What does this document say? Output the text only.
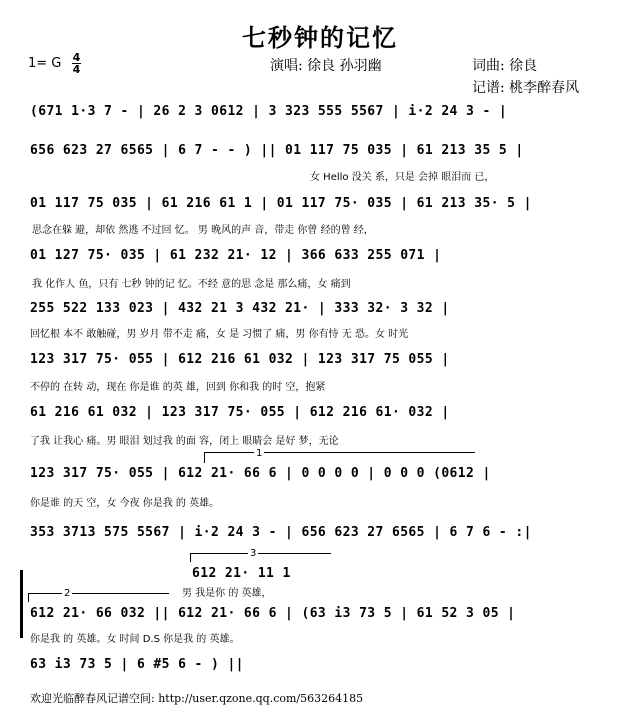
七秒钟的记忆
1= G 4
4	演唱: 徐良 孙羽幽	词曲: 徐良
记谱: 桃李醉春风
(671 1·3 7 - | 26 2 3 0612 | 3 323 555 5567 | i·2 24 3 - |
656 623 27 6565 | 6 7 - - ) || 01 117 75 035 | 61 213 35 5 |
女 Hello 没关 系，只是 会掉 眼泪而 已，
01 117 75 035 | 61 216 61 1 | 01 117 75· 035 | 61 213 35· 5 |
思念在躲 避，却依 然逃 不过回 忆。 男 晚风的声 音，带走 你曾 经的曾 经，
01 127 75· 035 | 61 232 21· 12 | 366 633 255 071 |
我 化作人 鱼，只有 七秒 钟的记 忆。不经 意的思 念是 那么痛，女 痛到
255 522 133 023 | 432 21 3 432 21· | 333 32· 3 32 |
回忆根 本不 敢触碰，男 岁月 带不走 痛，女 是 习惯了 痛，男 你有恃 无 恐。女 时光
123 317 75· 055 | 612 216 61 032 | 123 317 75 055 |
不停的 在转 动，现在 你是谁 的英 雄，回到 你和我 的时 空，抱紧
61 216 61 032 | 123 317 75· 055 | 612 216 61· 032 |
了我 让我心 痛。男 眼泪 划过我 的面 容，闭上 眼睛会 是好 梦，无论
1
123 317 75· 055 | 612 21· 66 6 | 0 0 0 0 | 0 0 0 (0612 |
你是谁 的天 空，女 今夜 你是我 的 英雄。
353 3713 575 5567 | i·2 24 3 - | 656 623 27 6565 | 6 7 6 - :|
3
612 21· 11 1
男 我是你 的 英雄，
2
612 21· 66 032 || 612 21· 66 6 | (63 i3 73 5 | 61 52 3 05 |
你是我 的 英雄。女 时间 D.S 你是我 的 英雄。
63 i3 73 5 | 6 #5 6 - ) ||
欢迎光临醉春风记谱空间: http://user.qzone.qq.com/563264185
